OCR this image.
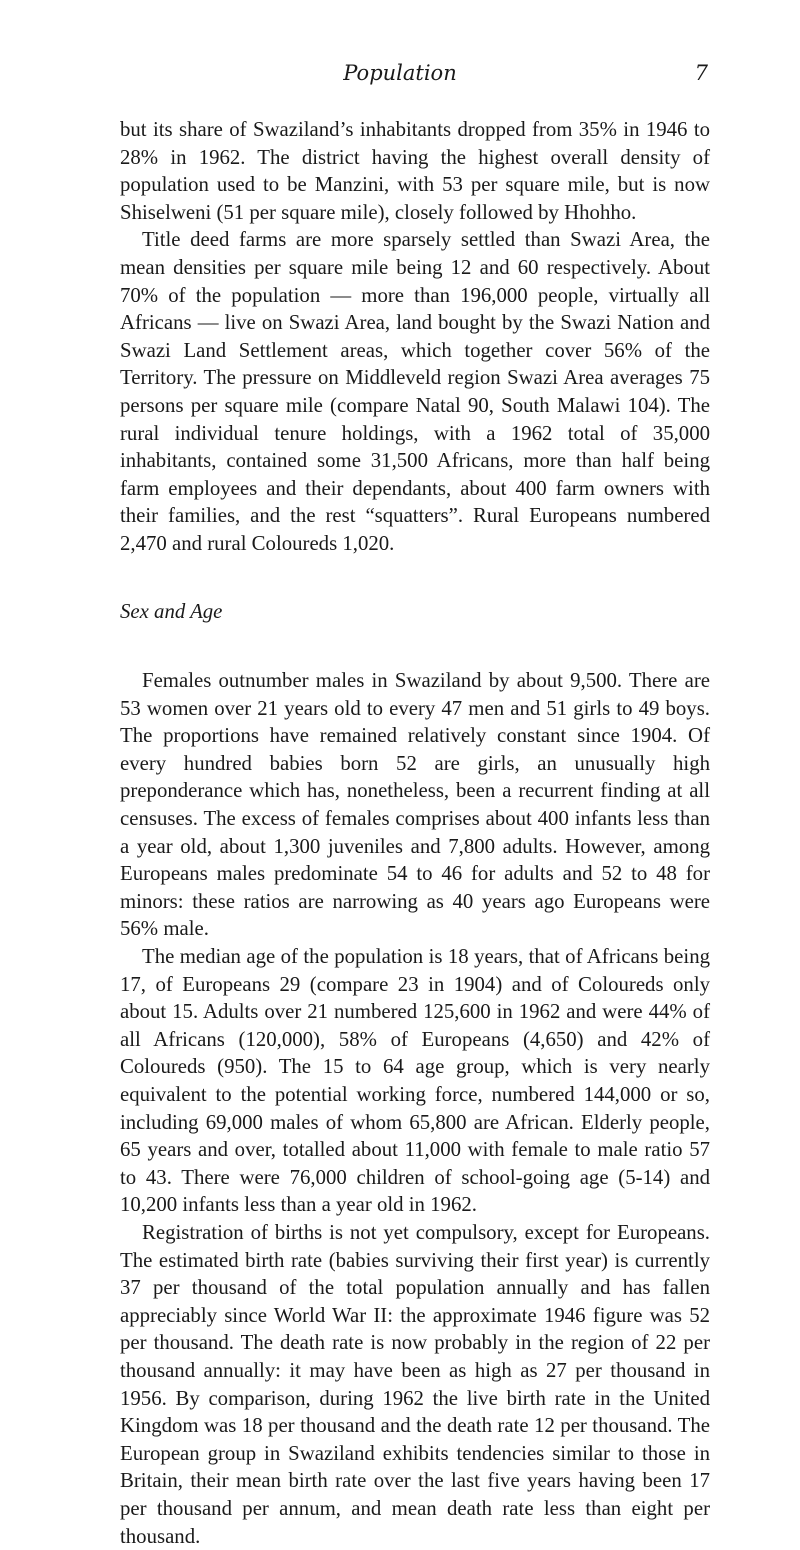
Population	7

but its share of Swaziland’s inhabitants dropped from 35% in 1946 to 28% in 1962. The district having the highest overall density of population used to be Manzini, with 53 per square mile, but is now Shiselweni (51 per square mile), closely followed by Hhohho.

Title deed farms are more sparsely settled than Swazi Area, the mean densities per square mile being 12 and 60 respectively. About 70% of the population — more than 196,000 people, virtually all Africans — live on Swazi Area, land bought by the Swazi Nation and Swazi Land Settlement areas, which together cover 56% of the Territory. The pressure on Middleveld region Swazi Area averages 75 persons per square mile (compare Natal 90, South Malawi 104). The rural individual tenure holdings, with a 1962 total of 35,000 inhabitants, contained some 31,500 Africans, more than half being farm employees and their dependants, about 400 farm owners with their families, and the rest “squatters”. Rural Europeans numbered 2,470 and rural Coloureds 1,020.

Sex and Age

Females outnumber males in Swaziland by about 9,500. There are 53 women over 21 years old to every 47 men and 51 girls to 49 boys. The proportions have remained relatively constant since 1904. Of every hundred babies born 52 are girls, an unusually high preponderance which has, nonetheless, been a recurrent finding at all censuses. The excess of females comprises about 400 infants less than a year old, about 1,300 juveniles and 7,800 adults. However, among Europeans males predominate 54 to 46 for adults and 52 to 48 for minors: these ratios are narrowing as 40 years ago Europeans were 56% male.

The median age of the population is 18 years, that of Africans being 17, of Europeans 29 (compare 23 in 1904) and of Coloureds only about 15. Adults over 21 numbered 125,600 in 1962 and were 44% of all Africans (120,000), 58% of Europeans (4,650) and 42% of Coloureds (950). The 15 to 64 age group, which is very nearly equivalent to the potential working force, numbered 144,000 or so, including 69,000 males of whom 65,800 are African. Elderly people, 65 years and over, totalled about 11,000 with female to male ratio 57 to 43. There were 76,000 children of school-going age (5-14) and 10,200 infants less than a year old in 1962.

Registration of births is not yet compulsory, except for Europeans. The estimated birth rate (babies surviving their first year) is currently 37 per thousand of the total population annually and has fallen appreciably since World War II: the approximate 1946 figure was 52 per thousand. The death rate is now probably in the region of 22 per thousand annually: it may have been as high as 27 per thousand in 1956. By comparison, during 1962 the live birth rate in the United Kingdom was 18 per thousand and the death rate 12 per thousand. The European group in Swaziland exhibits tendencies similar to those in Britain, their mean birth rate over the last five years having been 17 per thousand per annum, and mean death rate less than eight per thousand.
